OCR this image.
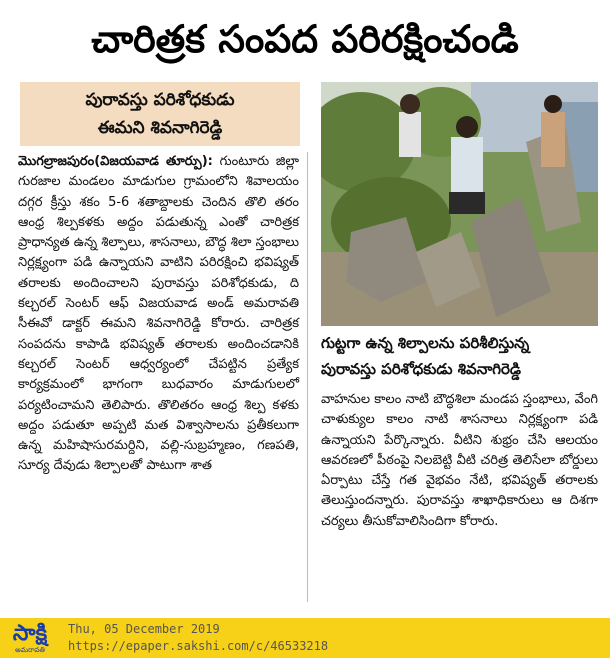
చారిత్రక సంపద పరిరక్షించండి
పురావస్తు పరిశోధకుడు
ఈమని శివనాగిరెడ్డి

మొగల్రాజపురం(విజయవాడ తూర్పు): గుంటూరు జిల్లా గురజాల మండలం మాడుగుల గ్రామంలోని శివాలయం దగ్గర క్రీస్తు శకం 5-6 శతాబ్దాలకు చెందిన తొలి తరం ఆంధ్ర శిల్పకళకు అద్దం పడుతున్న ఎంతో చారిత్రక ప్రాధాన్యత ఉన్న శిల్పాలు, శాసనాలు, బౌద్ధ శిలా స్తంభాలు నిర్లక్ష్యంగా పడి ఉన్నాయని వాటిని పరిరక్షించి భవిష్యత్ తరాలకు అందించాలని పురావస్తు పరిశోధకుడు, ది కల్చరల్ సెంటర్ ఆఫ్ విజయవాడ అండ్ అమరావతి సీఈవో డాక్టర్ ఈమని శివనాగిరెడ్డి కోరారు. చారిత్రక సంపదను కాపాడి భవిష్యత్ తరాలకు అందించడానికి కల్చరల్ సెంటర్ ఆధ్వర్యంలో చేపట్టిన ప్రత్యేక కార్యక్రమంలో భాగంగా బుధవారం మాడుగులలో పర్యటించామని తెలిపారు. తొలితరం ఆంధ్ర శిల్ప కళకు అద్దం పడుతూ అప్పటి మత విశ్వాసాలను ప్రతీకలుగా ఉన్న మహిషాసురమర్దిని, వల్లి-సుబ్రహ్మణం, గణపతి, సూర్య దేవుడు శిల్పాలతో పాటుగా శాత

గుట్టగా ఉన్న శిల్పాలను పరిశీలిస్తున్న
పురావస్తు పరిశోధకుడు శివనాగిరెడ్డి

వాహనుల కాలం నాటి బౌద్ధశిలా మండప స్తంభాలు, వేంగి చాళుక్యుల కాలం నాటి శాసనాలు నిర్లక్ష్యంగా పడి ఉన్నాయని పేర్కొన్నారు. వీటిని శుభ్రం చేసి ఆలయం ఆవరణలో పీఠంపై నిలబెట్టి వీటి చరిత్ర తెలిసేలా బోర్డులు ఏర్పాటు చేస్తే గత వైభవం నేటి, భవిష్యత్ తరాలకు తెలుస్తుందన్నారు. పురావస్తు శాఖాధికారులు ఆ దిశగా చర్యలు తీసుకోవాలిసిందిగా కోరారు.

సాక్షి
అమరావతి
Thu, 05 December 2019
https://epaper.sakshi.com/c/46533218
